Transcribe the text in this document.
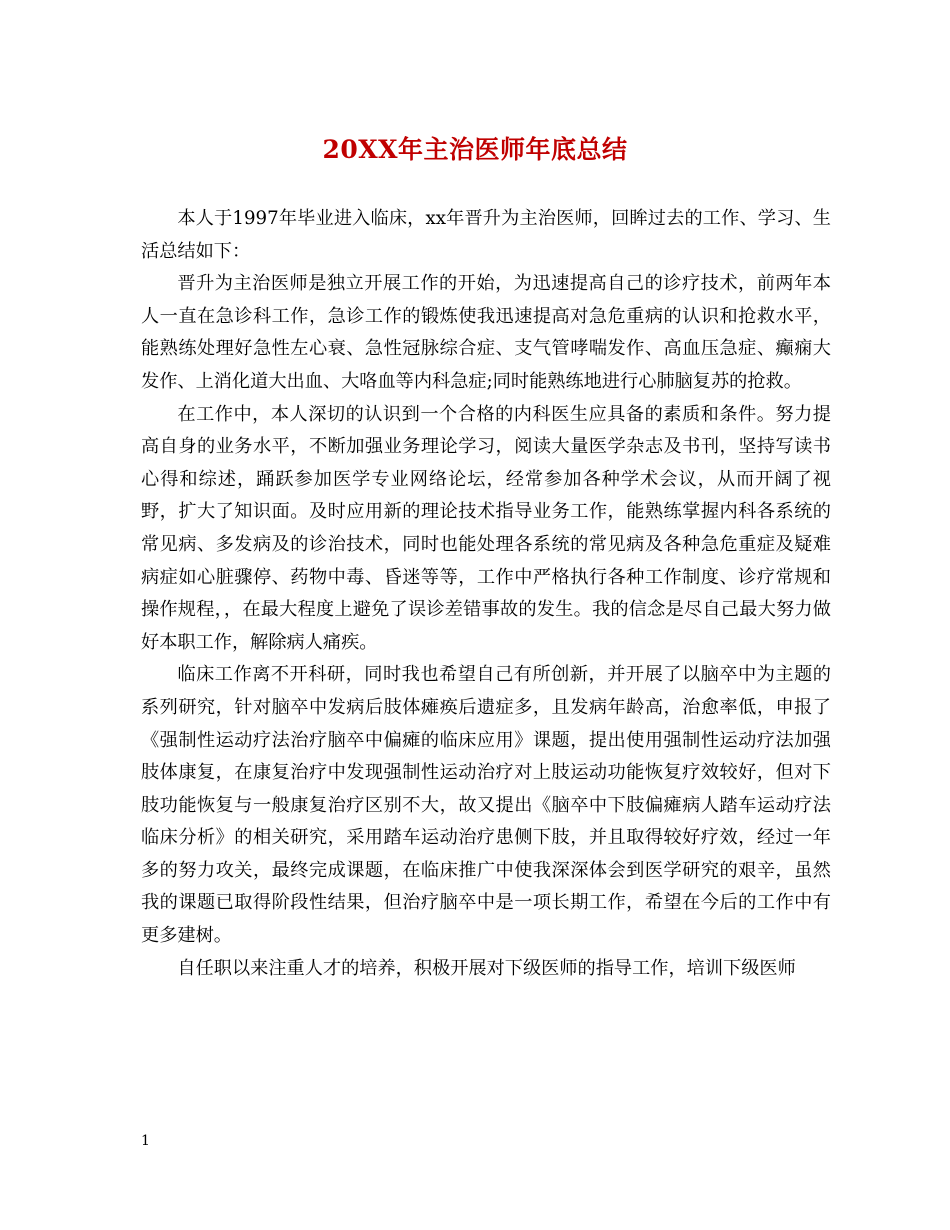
20XX年主治医师年底总结

本人于1997年毕业进入临床，xx年晋升为主治医师，回眸过去的工作、学习、生活总结如下：

晋升为主治医师是独立开展工作的开始，为迅速提高自己的诊疗技术，前两年本人一直在急诊科工作，急诊工作的锻炼使我迅速提高对急危重病的认识和抢救水平，能熟练处理好急性左心衰、急性冠脉综合症、支气管哮喘发作、高血压急症、癫痫大发作、上消化道大出血、大咯血等内科急症;同时能熟练地进行心肺脑复苏的抢救。

在工作中，本人深切的认识到一个合格的内科医生应具备的素质和条件。努力提高自身的业务水平，不断加强业务理论学习，阅读大量医学杂志及书刊，坚持写读书心得和综述，踊跃参加医学专业网络论坛，经常参加各种学术会议，从而开阔了视野，扩大了知识面。及时应用新的理论技术指导业务工作，能熟练掌握内科各系统的常见病、多发病及的诊治技术，同时也能处理各系统的常见病及各种急危重症及疑难病症如心脏骤停、药物中毒、昏迷等等，工作中严格执行各种工作制度、诊疗常规和操作规程，，在最大程度上避免了误诊差错事故的发生。我的信念是尽自己最大努力做好本职工作，解除病人痛疾。

临床工作离不开科研，同时我也希望自己有所创新，并开展了以脑卒中为主题的系列研究，针对脑卒中发病后肢体瘫痪后遗症多，且发病年龄高，治愈率低，申报了《强制性运动疗法治疗脑卒中偏瘫的临床应用》课题，提出使用强制性运动疗法加强肢体康复，在康复治疗中发现强制性运动治疗对上肢运动功能恢复疗效较好，但对下肢功能恢复与一般康复治疗区别不大，故又提出《脑卒中下肢偏瘫病人踏车运动疗法临床分析》的相关研究，采用踏车运动治疗患侧下肢，并且取得较好疗效，经过一年多的努力攻关，最终完成课题，在临床推广中使我深深体会到医学研究的艰辛，虽然我的课题已取得阶段性结果，但治疗脑卒中是一项长期工作，希望在今后的工作中有更多建树。

自任职以来注重人才的培养，积极开展对下级医师的指导工作，培训下级医师

1
